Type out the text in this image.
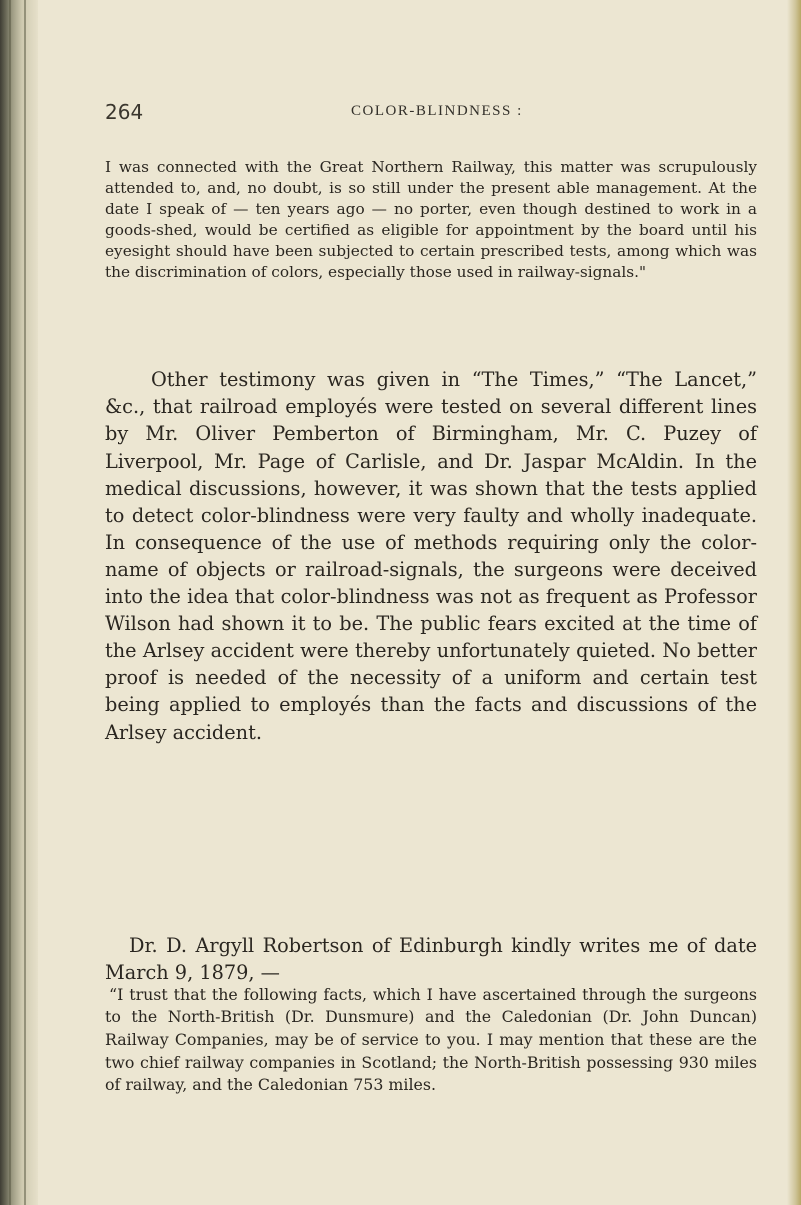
264	COLOR-BLINDNESS :

I was connected with the Great Northern Railway, this matter was scrupulously attended to, and, no doubt, is so still under the present able management. At the date I speak of — ten years ago — no porter, even though destined to work in a goods-shed, would be certified as eligible for appointment by the board until his eyesight should have been subjected to certain prescribed tests, among which was the discrimination of colors, especially those used in railway-signals."

Other testimony was given in “The Times,” “The Lancet,” &c., that railroad employés were tested on several different lines by Mr. Oliver Pemberton of Birmingham, Mr. C. Puzey of Liverpool, Mr. Page of Carlisle, and Dr. Jaspar McAldin. In the medical discussions, however, it was shown that the tests applied to detect color-blindness were very faulty and wholly inadequate. In consequence of the use of methods requiring only the color-name of objects or railroad-signals, the surgeons were deceived into the idea that color-blindness was not as frequent as Professor Wilson had shown it to be. The public fears excited at the time of the Arlsey accident were thereby unfortunately quieted. No better proof is needed of the necessity of a uniform and certain test being applied to employés than the facts and discussions of the Arlsey accident.

Dr. D. Argyll Robertson of Edinburgh kindly writes me of date March 9, 1879, —

“I trust that the following facts, which I have ascertained through the surgeons to the North-British (Dr. Dunsmure) and the Caledonian (Dr. John Duncan) Railway Companies, may be of service to you. I may mention that these are the two chief railway companies in Scotland; the North-British possessing 930 miles of railway, and the Caledonian 753 miles.
